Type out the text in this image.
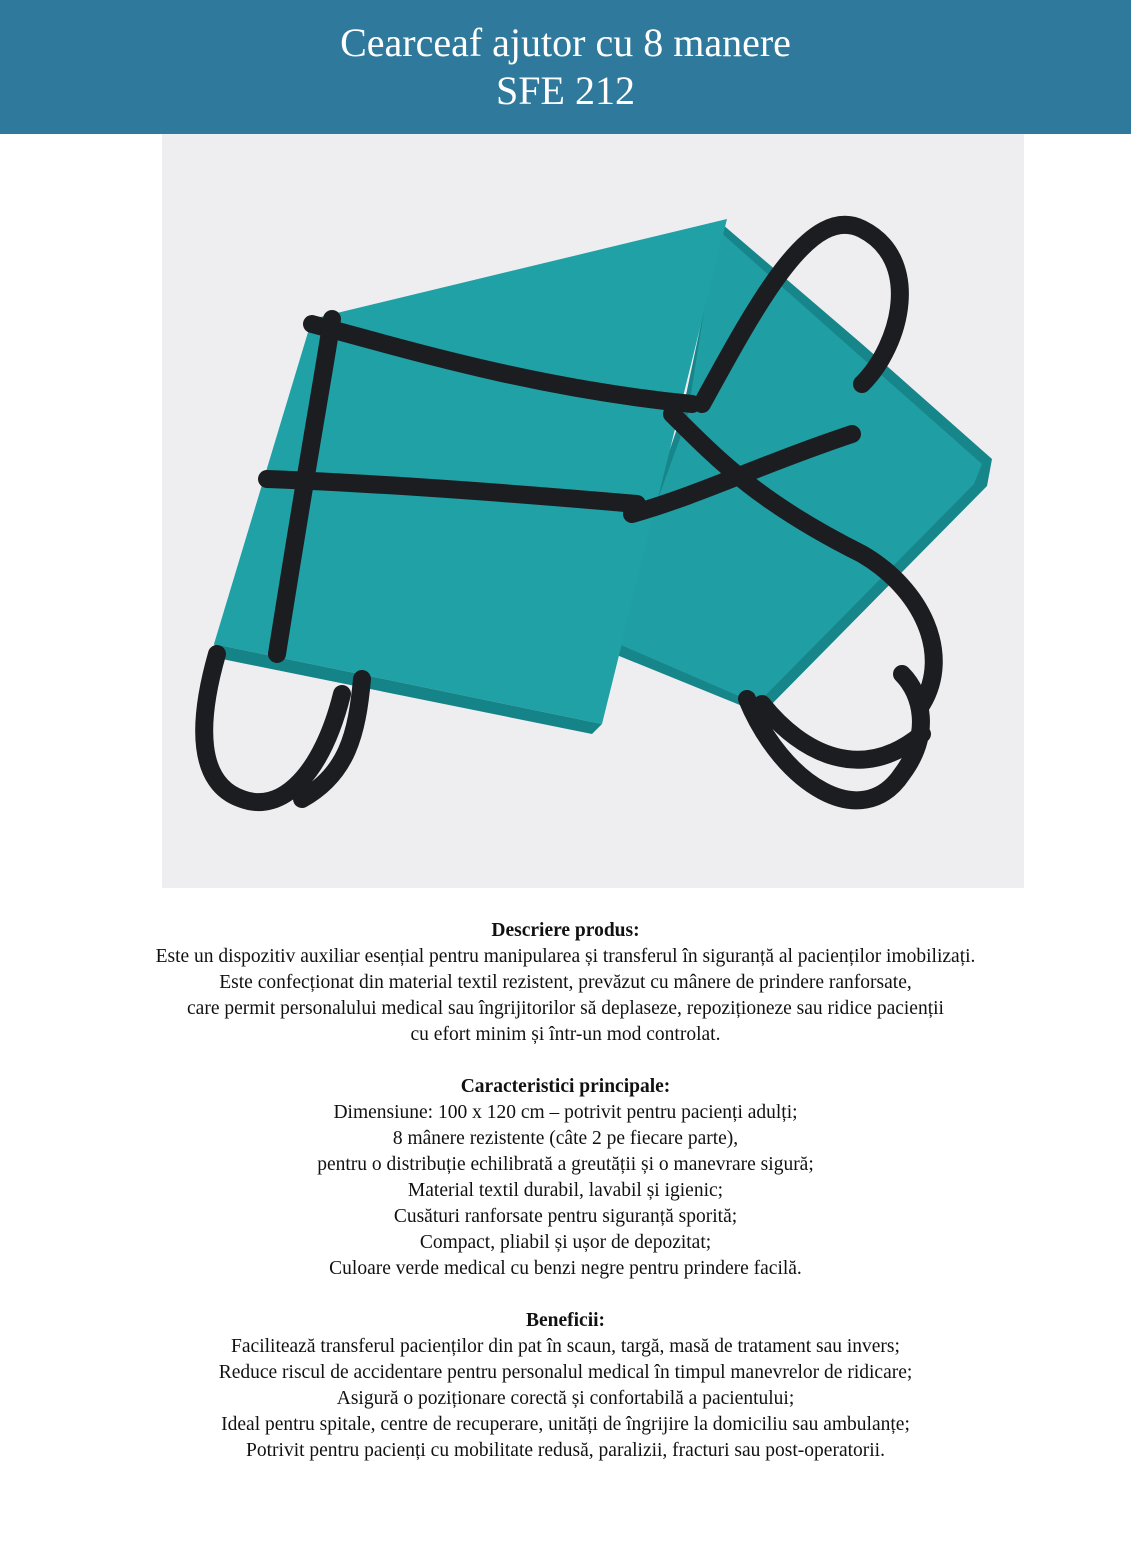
Cearceaf ajutor cu 8 manere
SFE 212

Descriere produs:

Este un dispozitiv auxiliar esențial pentru manipularea și transferul în siguranță al pacienților imobilizați.

Este confecționat din material textil rezistent, prevăzut cu mânere de prindere ranforsate,

care permit personalului medical sau îngrijitorilor să deplaseze, repoziționeze sau ridice pacienții

cu efort minim și într-un mod controlat.

Caracteristici principale:

Dimensiune: 100 x 120 cm – potrivit pentru pacienți adulți;

8 mânere rezistente (câte 2 pe fiecare parte),

pentru o distribuție echilibrată a greutății și o manevrare sigură;

Material textil durabil, lavabil și igienic;

Cusături ranforsate pentru siguranță sporită;

Compact, pliabil și ușor de depozitat;

Culoare verde medical cu benzi negre pentru prindere facilă.

Beneficii:

Facilitează transferul pacienților din pat în scaun, targă, masă de tratament sau invers;

Reduce riscul de accidentare pentru personalul medical în timpul manevrelor de ridicare;

Asigură o poziționare corectă și confortabilă a pacientului;

Ideal pentru spitale, centre de recuperare, unități de îngrijire la domiciliu sau ambulanțe;

Potrivit pentru pacienți cu mobilitate redusă, paralizii, fracturi sau post-operatorii.
